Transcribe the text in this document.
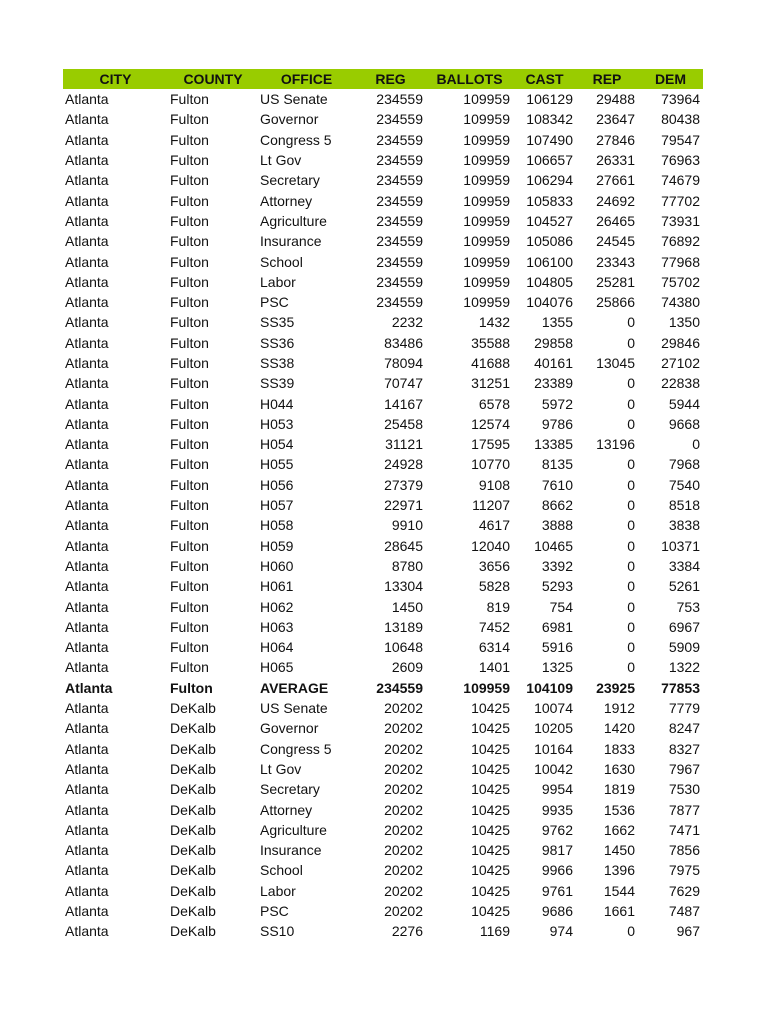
CITY	COUNTY	OFFICE	REG	BALLOTS	CAST	REP	DEM
Atlanta	Fulton	US Senate	234559	109959	106129	29488	73964
Atlanta	Fulton	Governor	234559	109959	108342	23647	80438
Atlanta	Fulton	Congress 5	234559	109959	107490	27846	79547
Atlanta	Fulton	Lt Gov	234559	109959	106657	26331	76963
Atlanta	Fulton	Secretary	234559	109959	106294	27661	74679
Atlanta	Fulton	Attorney	234559	109959	105833	24692	77702
Atlanta	Fulton	Agriculture	234559	109959	104527	26465	73931
Atlanta	Fulton	Insurance	234559	109959	105086	24545	76892
Atlanta	Fulton	School	234559	109959	106100	23343	77968
Atlanta	Fulton	Labor	234559	109959	104805	25281	75702
Atlanta	Fulton	PSC	234559	109959	104076	25866	74380
Atlanta	Fulton	SS35	2232	1432	1355	0	1350
Atlanta	Fulton	SS36	83486	35588	29858	0	29846
Atlanta	Fulton	SS38	78094	41688	40161	13045	27102
Atlanta	Fulton	SS39	70747	31251	23389	0	22838
Atlanta	Fulton	H044	14167	6578	5972	0	5944
Atlanta	Fulton	H053	25458	12574	9786	0	9668
Atlanta	Fulton	H054	31121	17595	13385	13196	0
Atlanta	Fulton	H055	24928	10770	8135	0	7968
Atlanta	Fulton	H056	27379	9108	7610	0	7540
Atlanta	Fulton	H057	22971	11207	8662	0	8518
Atlanta	Fulton	H058	9910	4617	3888	0	3838
Atlanta	Fulton	H059	28645	12040	10465	0	10371
Atlanta	Fulton	H060	8780	3656	3392	0	3384
Atlanta	Fulton	H061	13304	5828	5293	0	5261
Atlanta	Fulton	H062	1450	819	754	0	753
Atlanta	Fulton	H063	13189	7452	6981	0	6967
Atlanta	Fulton	H064	10648	6314	5916	0	5909
Atlanta	Fulton	H065	2609	1401	1325	0	1322
Atlanta	Fulton	AVERAGE	234559	109959	104109	23925	77853
Atlanta	DeKalb	US Senate	20202	10425	10074	1912	7779
Atlanta	DeKalb	Governor	20202	10425	10205	1420	8247
Atlanta	DeKalb	Congress 5	20202	10425	10164	1833	8327
Atlanta	DeKalb	Lt Gov	20202	10425	10042	1630	7967
Atlanta	DeKalb	Secretary	20202	10425	9954	1819	7530
Atlanta	DeKalb	Attorney	20202	10425	9935	1536	7877
Atlanta	DeKalb	Agriculture	20202	10425	9762	1662	7471
Atlanta	DeKalb	Insurance	20202	10425	9817	1450	7856
Atlanta	DeKalb	School	20202	10425	9966	1396	7975
Atlanta	DeKalb	Labor	20202	10425	9761	1544	7629
Atlanta	DeKalb	PSC	20202	10425	9686	1661	7487
Atlanta	DeKalb	SS10	2276	1169	974	0	967
